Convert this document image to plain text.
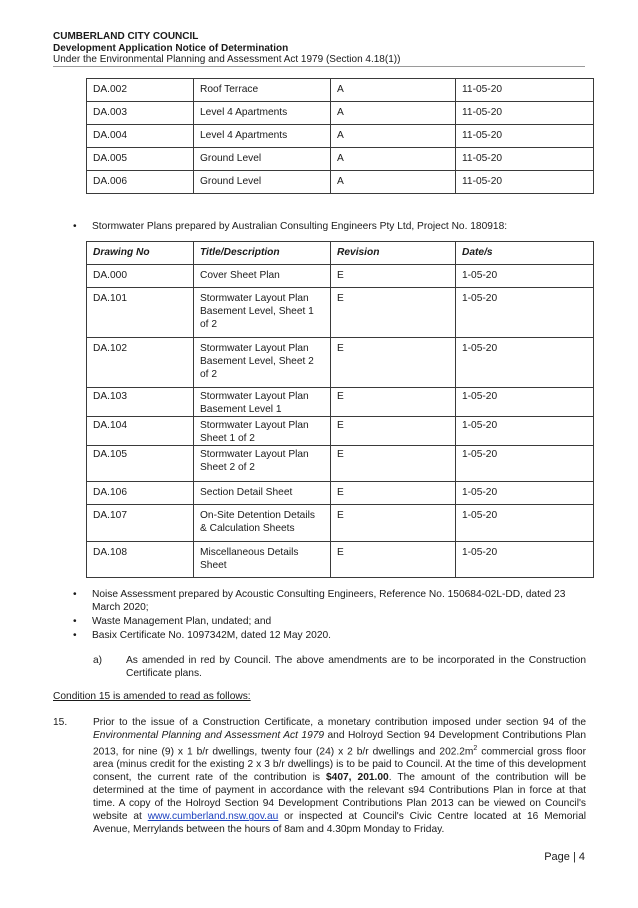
CUMBERLAND CITY COUNCIL
Development Application Notice of Determination
Under the Environmental Planning and Assessment Act 1979 (Section 4.18(1))
DA.002	Roof Terrace	A	11-05-20
DA.003	Level 4 Apartments	A	11-05-20
DA.004	Level 4 Apartments	A	11-05-20
DA.005	Ground Level	A	11-05-20
DA.006	Ground Level	A	11-05-20
• Stormwater Plans prepared by Australian Consulting Engineers Pty Ltd, Project No. 180918:
Drawing No	Title/Description	Revision	Date/s
DA.000	Cover Sheet Plan	E	1-05-20
DA.101	Stormwater Layout Plan Basement Level, Sheet 1 of 2	E	1-05-20
DA.102	Stormwater Layout Plan Basement Level, Sheet 2 of 2	E	1-05-20
DA.103	Stormwater Layout Plan Basement Level 1	E	1-05-20
DA.104	Stormwater Layout Plan Sheet 1 of 2	E	1-05-20
DA.105	Stormwater Layout Plan Sheet 2 of 2	E	1-05-20
DA.106	Section Detail Sheet	E	1-05-20
DA.107	On-Site Detention Details & Calculation Sheets	E	1-05-20
DA.108	Miscellaneous Details Sheet	E	1-05-20
• Noise Assessment prepared by Acoustic Consulting Engineers, Reference No. 150684-02L-DD, dated 23 March 2020;
• Waste Management Plan, undated; and
• Basix Certificate No. 1097342M, dated 12 May 2020.
a) As amended in red by Council. The above amendments are to be incorporated in the Construction Certificate plans.
Condition 15 is amended to read as follows:
15.	Prior to the issue of a Construction Certificate, a monetary contribution imposed under section 94 of the Environmental Planning and Assessment Act 1979 and Holroyd Section 94 Development Contributions Plan 2013, for nine (9) x 1 b/r dwellings, twenty four (24) x 2 b/r dwellings and $202.2m^2$ commercial gross floor area (minus credit for the existing 2 x 3 b/r dwellings) is to be paid to Council. At the time of this development consent, the current rate of the contribution is $407, 201.00. The amount of the contribution will be determined at the time of payment in accordance with the relevant s94 Contributions Plan in force at that time. A copy of the Holroyd Section 94 Development Contributions Plan 2013 can be viewed on Council's website at www.cumberland.nsw.gov.au or inspected at Council's Civic Centre located at 16 Memorial Avenue, Merrylands between the hours of 8am and 4.30pm Monday to Friday.
Page | 4
